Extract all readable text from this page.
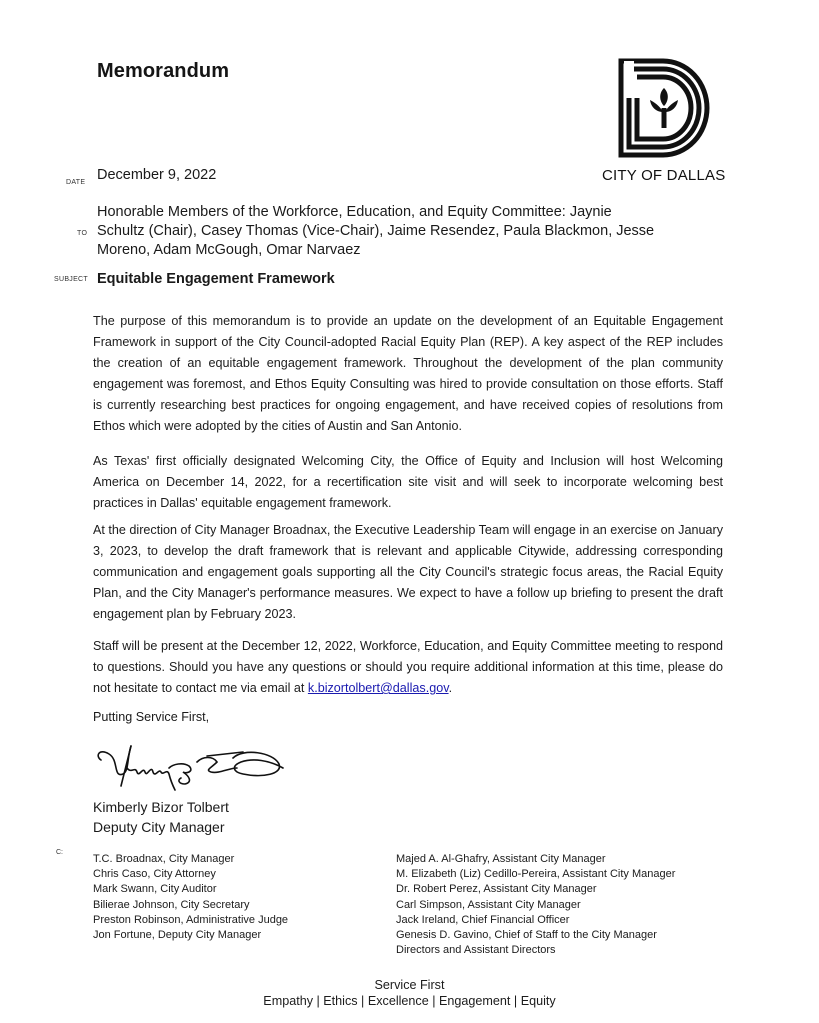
Memorandum
CITY OF DALLAS
DATE December 9, 2022
TO
Honorable Members of the Workforce, Education, and Equity Committee: Jaynie Schultz (Chair), Casey Thomas (Vice-Chair), Jaime Resendez, Paula Blackmon, Jesse Moreno, Adam McGough, Omar Narvaez
SUBJECT Equitable Engagement Framework
The purpose of this memorandum is to provide an update on the development of an Equitable Engagement Framework in support of the City Council-adopted Racial Equity Plan (REP). A key aspect of the REP includes the creation of an equitable engagement framework. Throughout the development of the plan community engagement was foremost, and Ethos Equity Consulting was hired to provide consultation on those efforts. Staff is currently researching best practices for ongoing engagement, and have received copies of resolutions from Ethos which were adopted by the cities of Austin and San Antonio.
As Texas' first officially designated Welcoming City, the Office of Equity and Inclusion will host Welcoming America on December 14, 2022, for a recertification site visit and will seek to incorporate welcoming best practices in Dallas' equitable engagement framework.
At the direction of City Manager Broadnax, the Executive Leadership Team will engage in an exercise on January 3, 2023, to develop the draft framework that is relevant and applicable Citywide, addressing corresponding communication and engagement goals supporting all the City Council's strategic focus areas, the Racial Equity Plan, and the City Manager's performance measures. We expect to have a follow up briefing to present the draft engagement plan by February 2023.
Staff will be present at the December 12, 2022, Workforce, Education, and Equity Committee meeting to respond to questions. Should you have any questions or should you require additional information at this time, please do not hesitate to contact me via email at k.bizortolbert@dallas.gov.
Putting Service First,
Kimberly Bizor Tolbert
Deputy City Manager
C:
T.C. Broadnax, City Manager
Chris Caso, City Attorney
Mark Swann, City Auditor
Bilierae Johnson, City Secretary
Preston Robinson, Administrative Judge
Jon Fortune, Deputy City Manager
Majed A. Al-Ghafry, Assistant City Manager
M. Elizabeth (Liz) Cedillo-Pereira, Assistant City Manager
Dr. Robert Perez, Assistant City Manager
Carl Simpson, Assistant City Manager
Jack Ireland, Chief Financial Officer
Genesis D. Gavino, Chief of Staff to the City Manager
Directors and Assistant Directors
Service First
Empathy | Ethics | Excellence | Engagement | Equity
